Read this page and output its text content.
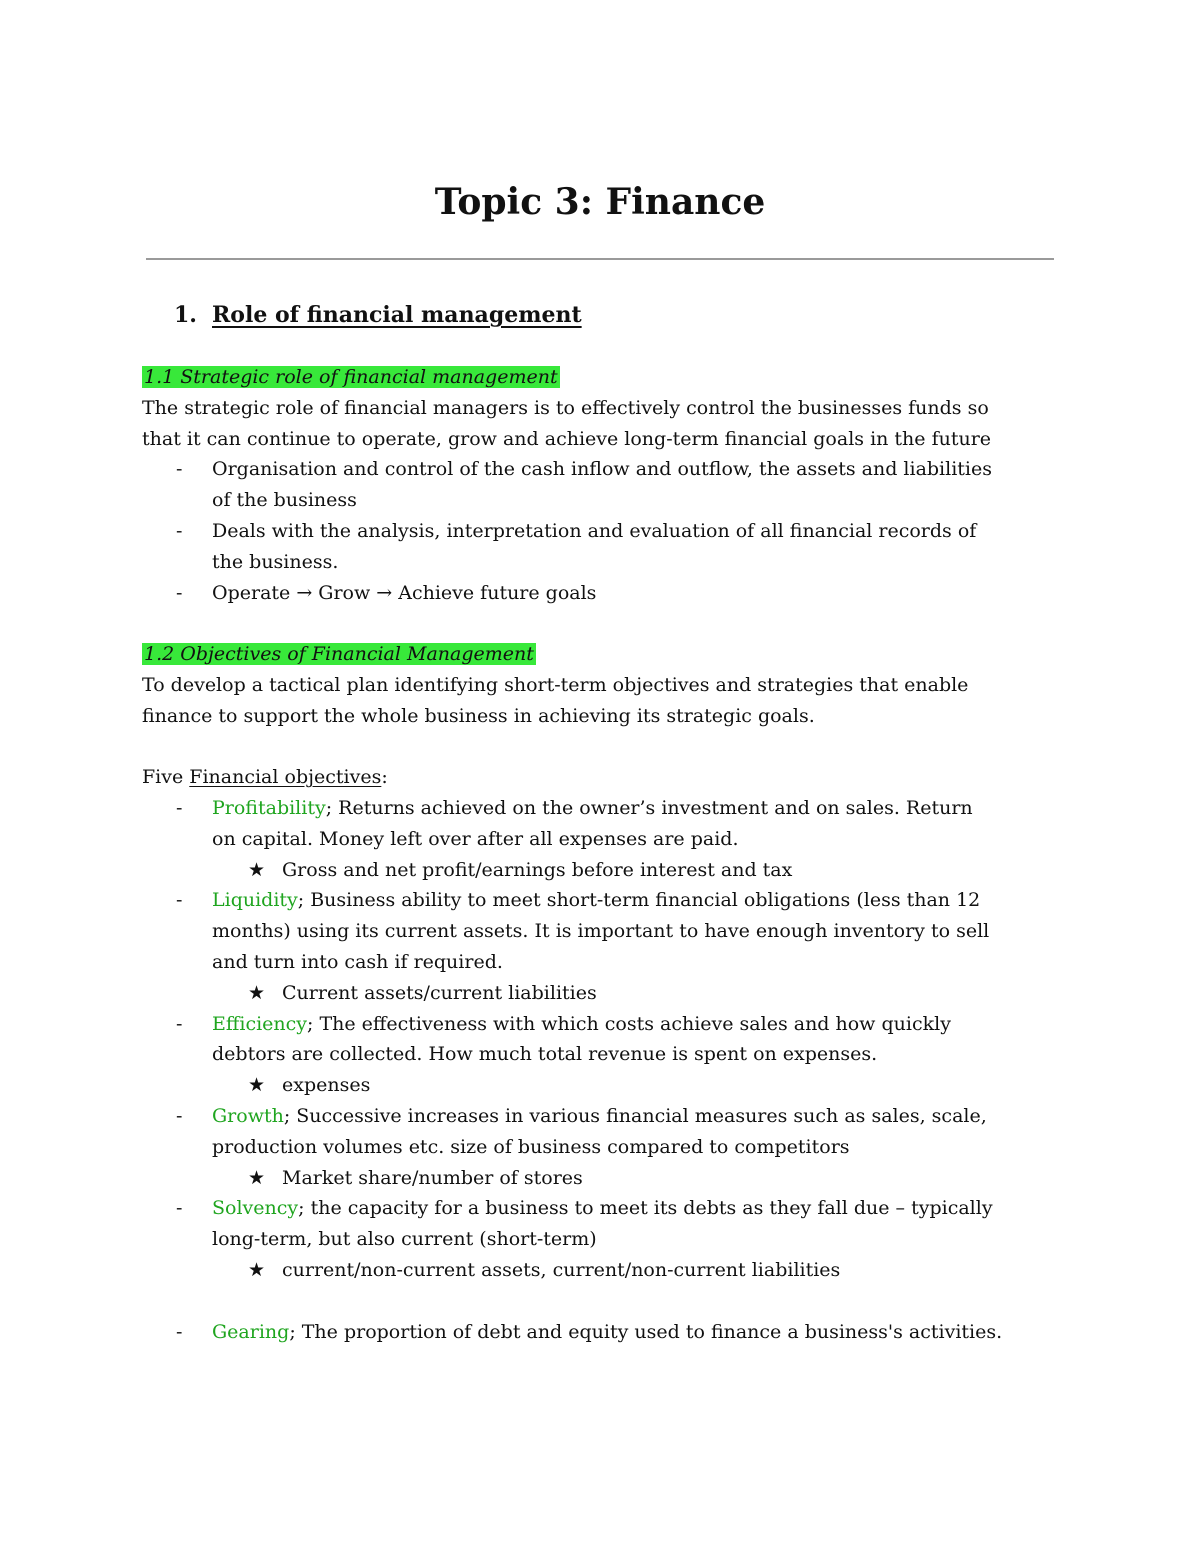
Topic 3: Finance
1. Role of financial management
1.1 Strategic role of financial management
The strategic role of financial managers is to effectively control the businesses funds so
that it can continue to operate, grow and achieve long-term financial goals in the future
- Organisation and control of the cash inflow and outflow, the assets and liabilities
of the business
- Deals with the analysis, interpretation and evaluation of all financial records of
the business.
- Operate → Grow → Achieve future goals
1.2 Objectives of Financial Management
To develop a tactical plan identifying short-term objectives and strategies that enable
finance to support the whole business in achieving its strategic goals.
Five Financial objectives:
- Profitability; Returns achieved on the owner’s investment and on sales. Return
on capital. Money left over after all expenses are paid.
★ Gross and net profit/earnings before interest and tax
- Liquidity; Business ability to meet short-term financial obligations (less than 12
months) using its current assets. It is important to have enough inventory to sell
and turn into cash if required.
★ Current assets/current liabilities
- Efficiency; The effectiveness with which costs achieve sales and how quickly
debtors are collected. How much total revenue is spent on expenses.
★ expenses
- Growth; Successive increases in various financial measures such as sales, scale,
production volumes etc. size of business compared to competitors
★ Market share/number of stores
- Solvency; the capacity for a business to meet its debts as they fall due – typically
long-term, but also current (short-term)
★ current/non-current assets, current/non-current liabilities
- Gearing; The proportion of debt and equity used to finance a business's activities.
